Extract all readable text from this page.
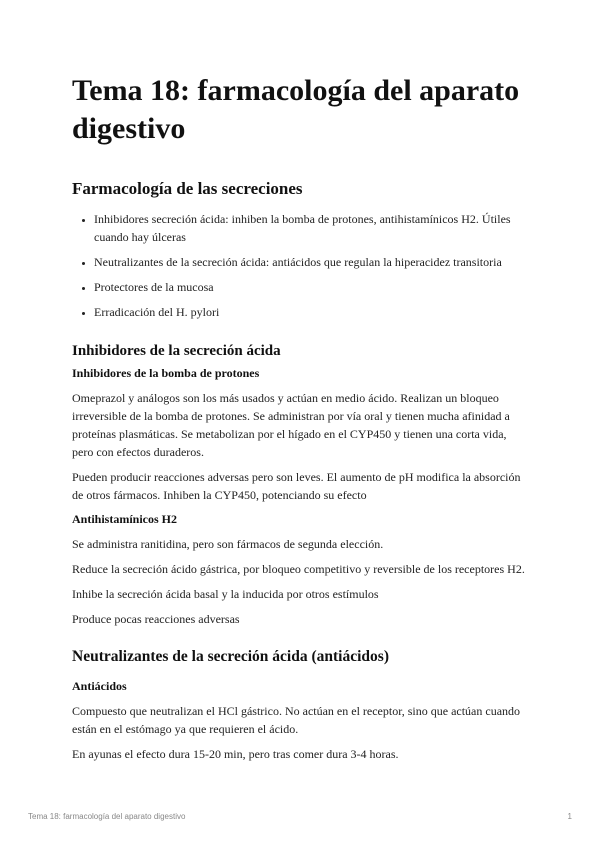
Tema 18: farmacología del aparato digestivo
Farmacología de las secreciones
• Inhibidores secreción ácida: inhiben la bomba de protones, antihistamínicos H2. Útiles cuando hay úlceras
• Neutralizantes de la secreción ácida: antiácidos que regulan la hiperacidez transitoria
• Protectores de la mucosa
• Erradicación del H. pylori
Inhibidores de la secreción ácida
Inhibidores de la bomba de protones

Omeprazol y análogos son los más usados y actúan en medio ácido. Realizan un bloqueo irreversible de la bomba de protones. Se administran por vía oral y tienen mucha afinidad a proteínas plasmáticas. Se metabolizan por el hígado en el CYP450 y tienen una corta vida, pero con efectos duraderos.

Pueden producir reacciones adversas pero son leves. El aumento de pH modifica la absorción de otros fármacos. Inhiben la CYP450, potenciando su efecto

Antihistamínicos H2

Se administra ranitidina, pero son fármacos de segunda elección.

Reduce la secreción ácido gástrica, por bloqueo competitivo y reversible de los receptores H2.

Inhibe la secreción ácida basal y la inducida por otros estímulos

Produce pocas reacciones adversas

Neutralizantes de la secreción ácida (antiácidos)
Antiácidos

Compuesto que neutralizan el HCl gástrico. No actúan en el receptor, sino que actúan cuando están en el estómago ya que requieren el ácido.

En ayunas el efecto dura 15-20 min, pero tras comer dura 3-4 horas.

Tema 18: farmacología del aparato digestivo	1
